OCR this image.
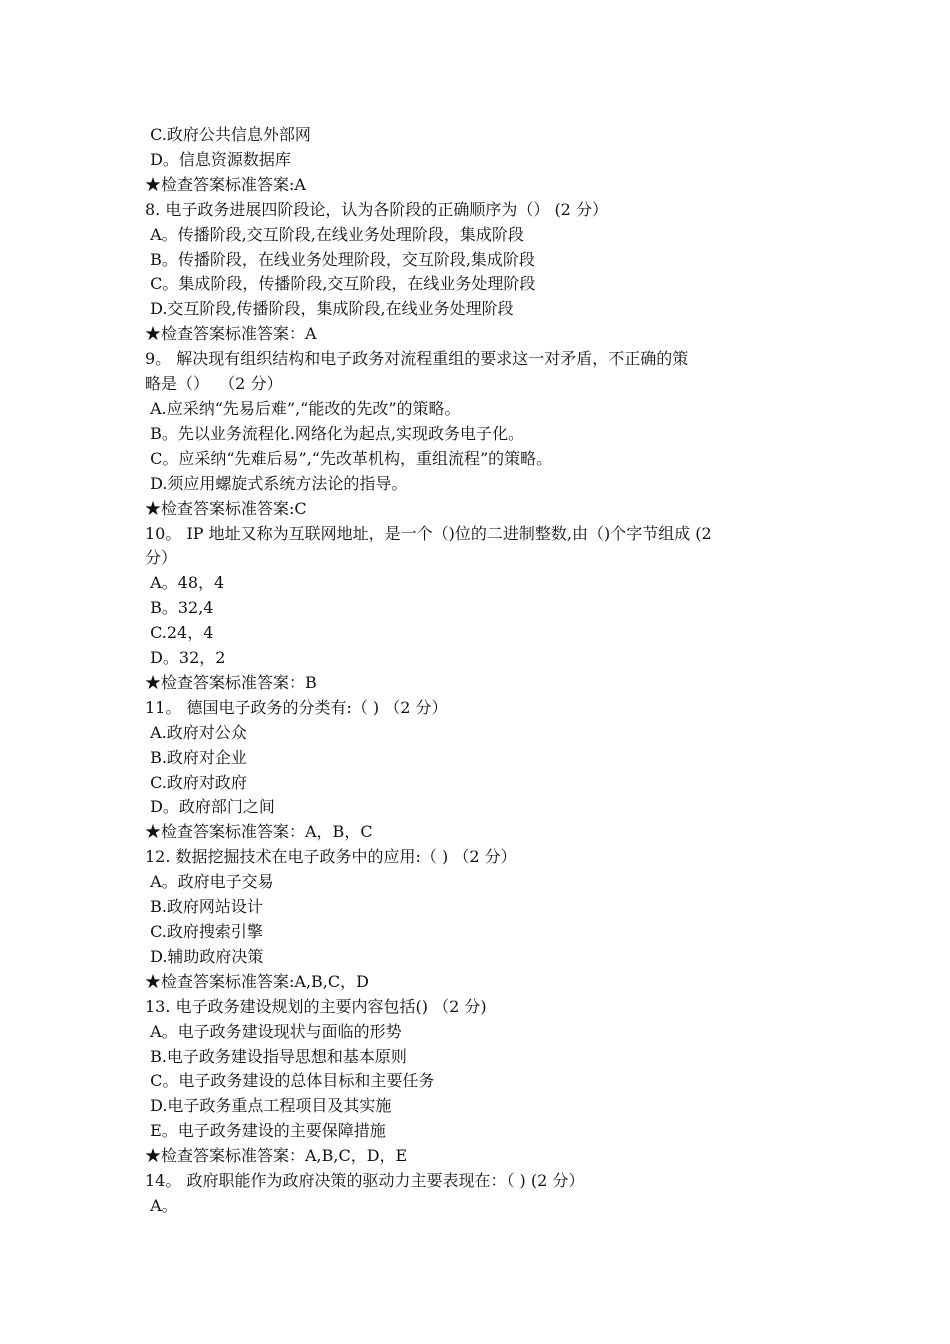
C.政府公共信息外部网
D。信息资源数据库
★检查答案标准答案:A
8. 电子政务进展四阶段论，认为各阶段的正确顺序为（） (2 分）
A。传播阶段,交互阶段,在线业务处理阶段，集成阶段
B。传播阶段，在线业务处理阶段，交互阶段,集成阶段
C。集成阶段，传播阶段,交互阶段，在线业务处理阶段
D.交互阶段,传播阶段，集成阶段,在线业务处理阶段
★检查答案标准答案：A
9。 解决现有组织结构和电子政务对流程重组的要求这一对矛盾，不正确的策
略是（）  （2 分）
A.应采纳“先易后难”,“能改的先改”的策略。
B。先以业务流程化.网络化为起点,实现政务电子化。
C。应采纳“先难后易”,“先改革机构，重组流程”的策略。
D.须应用螺旋式系统方法论的指导。
★检查答案标准答案:C
10。 IP 地址又称为互联网地址，是一个（)位的二进制整数,由（)个字节组成 (2
分）
A。48，4
B。32,4
C.24，4
D。32，2
★检查答案标准答案：B
11。 德国电子政务的分类有:（ ) （2 分）
A.政府对公众
B.政府对企业
C.政府对政府
D。政府部门之间
★检查答案标准答案：A，B，C
12. 数据挖掘技术在电子政务中的应用:（ ) （2 分）
A。政府电子交易
B.政府网站设计
C.政府搜索引擎
D.辅助政府决策
★检查答案标准答案:A,B,C，D
13. 电子政务建设规划的主要内容包括() （2 分)
A。电子政务建设现状与面临的形势
B.电子政务建设指导思想和基本原则
C。电子政务建设的总体目标和主要任务
D.电子政务重点工程项目及其实施
E。电子政务建设的主要保障措施
★检查答案标准答案：A,B,C，D，E
14。 政府职能作为政府决策的驱动力主要表现在：（ ) (2 分）
A。
